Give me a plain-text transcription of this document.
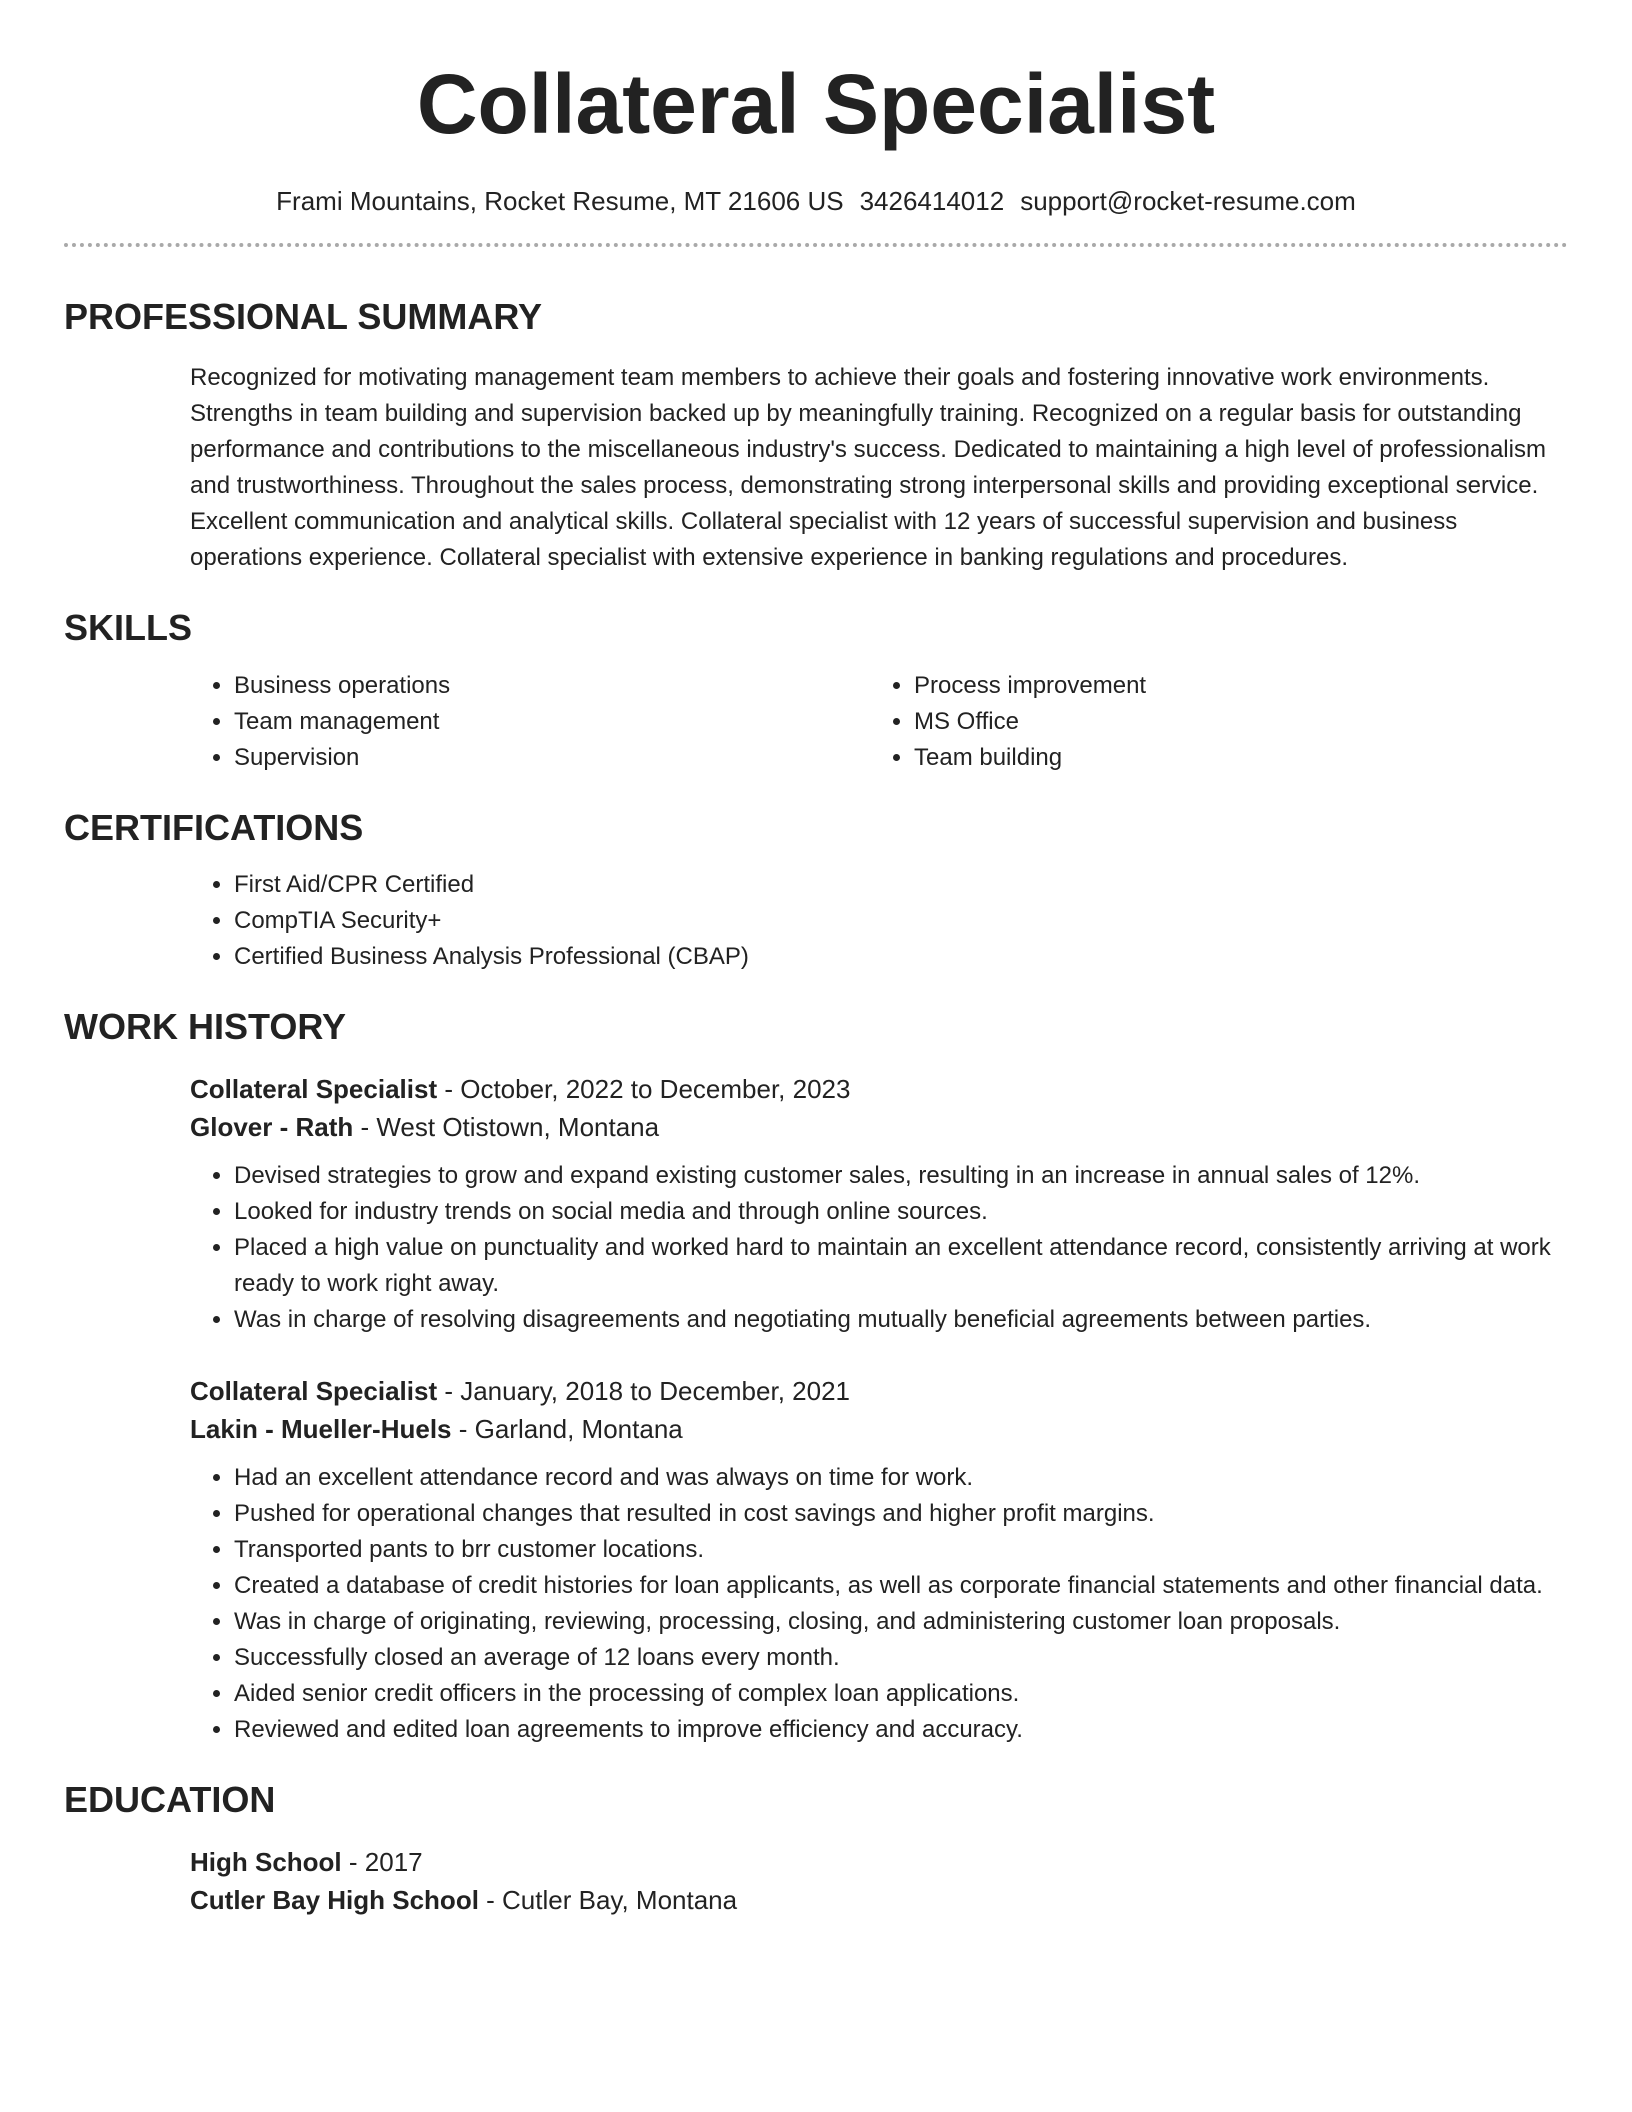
Collateral Specialist
Frami Mountains, Rocket Resume, MT 21606 US 3426414012 support@rocket-resume.com
PROFESSIONAL SUMMARY
Recognized for motivating management team members to achieve their goals and fostering innovative work environments. Strengths in team building and supervision backed up by meaningfully training. Recognized on a regular basis for outstanding performance and contributions to the miscellaneous industry's success. Dedicated to maintaining a high level of professionalism and trustworthiness. Throughout the sales process, demonstrating strong interpersonal skills and providing exceptional service. Excellent communication and analytical skills. Collateral specialist with 12 years of successful supervision and business operations experience. Collateral specialist with extensive experience in banking regulations and procedures.
SKILLS
• Business operations
• Team management
• Supervision
• Process improvement
• MS Office
• Team building
CERTIFICATIONS
• First Aid/CPR Certified
• CompTIA Security+
• Certified Business Analysis Professional (CBAP)
WORK HISTORY
Collateral Specialist - October, 2022 to December, 2023
Glover - Rath - West Otistown, Montana
• Devised strategies to grow and expand existing customer sales, resulting in an increase in annual sales of 12%.
• Looked for industry trends on social media and through online sources.
• Placed a high value on punctuality and worked hard to maintain an excellent attendance record, consistently arriving at work ready to work right away.
• Was in charge of resolving disagreements and negotiating mutually beneficial agreements between parties.
Collateral Specialist - January, 2018 to December, 2021
Lakin - Mueller-Huels - Garland, Montana
• Had an excellent attendance record and was always on time for work.
• Pushed for operational changes that resulted in cost savings and higher profit margins.
• Transported pants to brr customer locations.
• Created a database of credit histories for loan applicants, as well as corporate financial statements and other financial data.
• Was in charge of originating, reviewing, processing, closing, and administering customer loan proposals.
• Successfully closed an average of 12 loans every month.
• Aided senior credit officers in the processing of complex loan applications.
• Reviewed and edited loan agreements to improve efficiency and accuracy.
EDUCATION
High School - 2017
Cutler Bay High School - Cutler Bay, Montana
